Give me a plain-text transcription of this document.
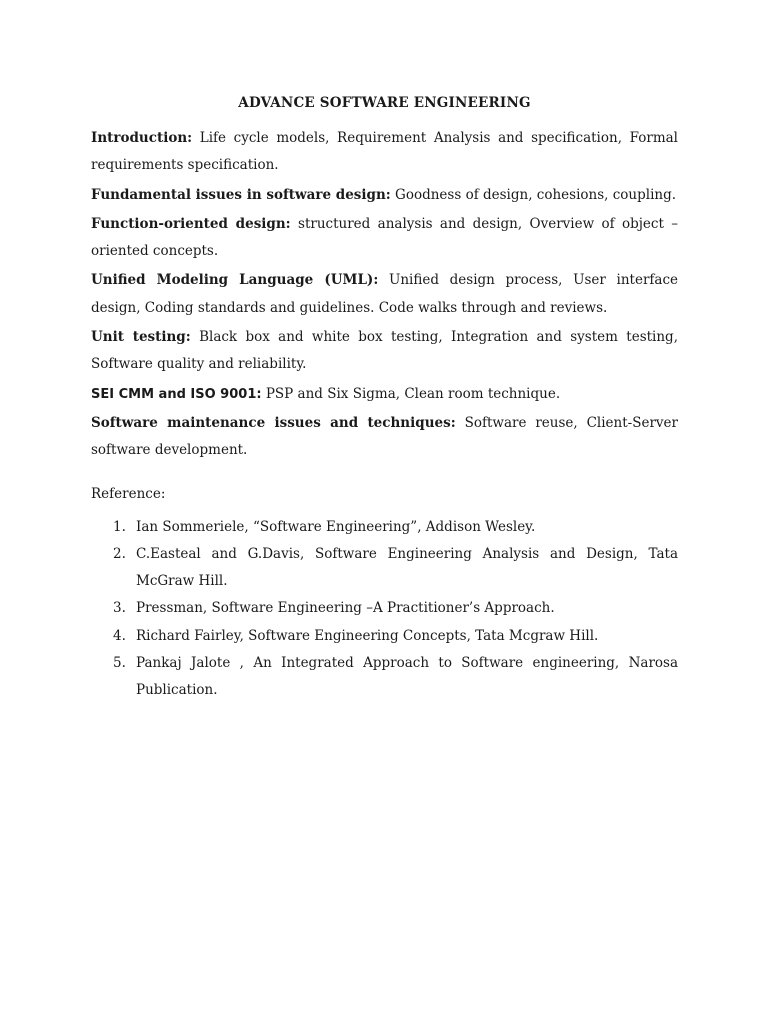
ADVANCE SOFTWARE ENGINEERING

Introduction: Life cycle models, Requirement Analysis and specification, Formal requirements specification.

Fundamental issues in software design: Goodness of design, cohesions, coupling.

Function-oriented design: structured analysis and design, Overview of object –oriented concepts.

Unified Modeling Language (UML): Unified design process, User interface design, Coding standards and guidelines. Code walks through and reviews.

Unit testing: Black box and white box testing, Integration and system testing, Software quality and reliability.

SEI CMM and ISO 9001: PSP and Six Sigma, Clean room technique.

Software maintenance issues and techniques: Software reuse, Client-Server software development.

Reference:
1. Ian Sommeriele, “Software Engineering”, Addison Wesley.
2. C.Easteal and G.Davis, Software Engineering Analysis and Design, Tata McGraw Hill.
3. Pressman, Software Engineering –A Practitioner’s Approach.
4. Richard Fairley, Software Engineering Concepts, Tata Mcgraw Hill.
5. Pankaj Jalote , An Integrated Approach to Software engineering, Narosa Publication.
